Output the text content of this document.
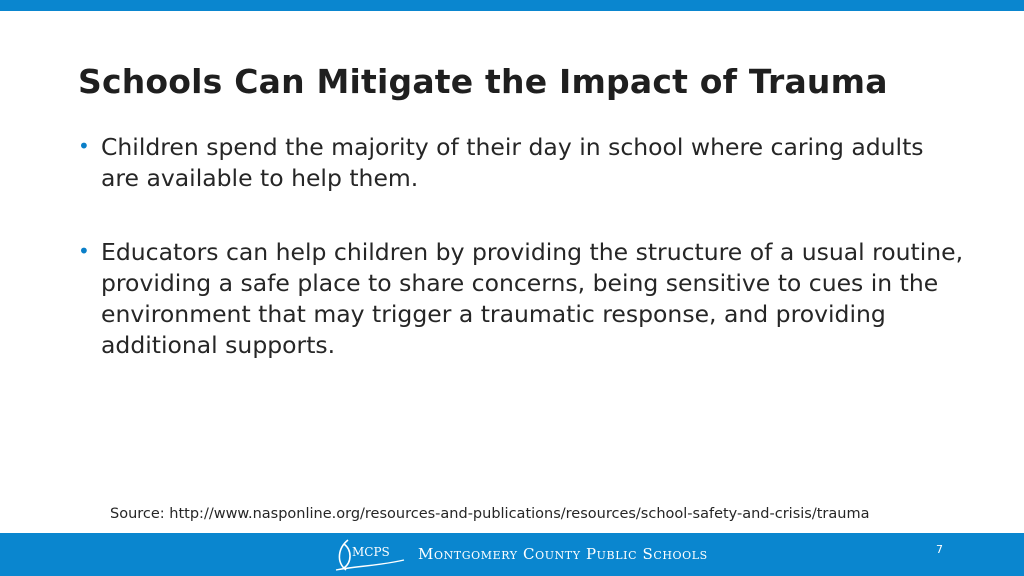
Schools Can Mitigate the Impact of Trauma
• Children spend the majority of their day in school where caring adults are available to help them.
• Educators can help children by providing the structure of a usual routine, providing a safe place to share concerns, being sensitive to cues in the environment that may trigger a traumatic response, and providing additional supports.
Source: http://www.nasponline.org/resources-and-publications/resources/school-safety-and-crisis/trauma
MCPS Montgomery County Public Schools	7
